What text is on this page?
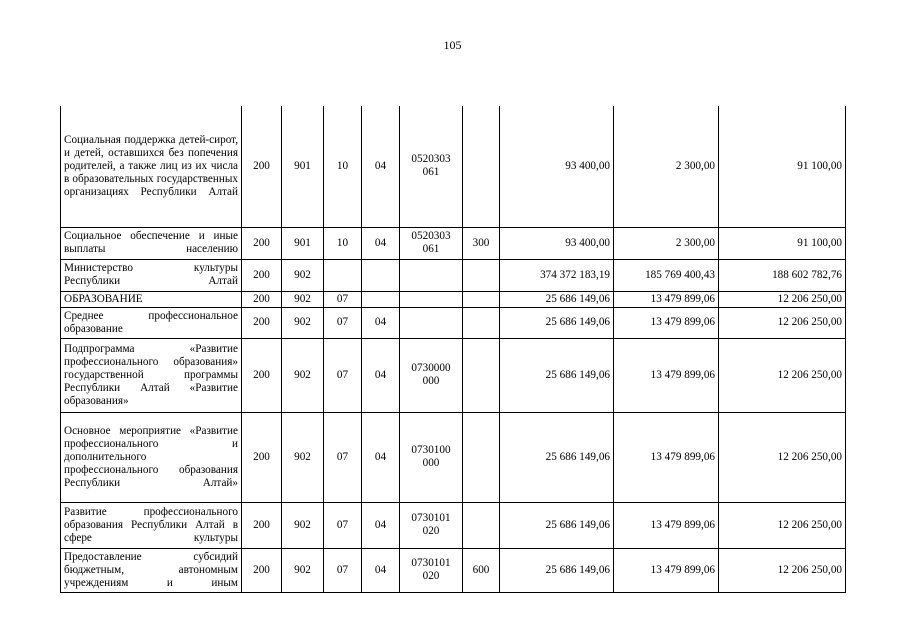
105
Социальная поддержка детей-сирот, и детей, оставшихся без попечения родителей, а также лиц из их числа в образовательных государственных организациях Республики Алтай	200	901	10	04	0520303 061		93 400,00	2 300,00	91 100,00
Социальное обеспечение и иные выплаты населению	200	901	10	04	0520303 061	300	93 400,00	2 300,00	91 100,00
Министерство культуры Республики Алтай	200	902					374 372 183,19	185 769 400,43	188 602 782,76
ОБРАЗОВАНИЕ	200	902	07				25 686 149,06	13 479 899,06	12 206 250,00
Среднее профессиональное образование	200	902	07	04			25 686 149,06	13 479 899,06	12 206 250,00
Подпрограмма «Развитие профессионального образования» государственной программы Республики Алтай «Развитие образования»	200	902	07	04	0730000 000		25 686 149,06	13 479 899,06	12 206 250,00
Основное мероприятие «Развитие профессионального и дополнительного профессионального образования Республики Алтай»	200	902	07	04	0730100 000		25 686 149,06	13 479 899,06	12 206 250,00
Развитие профессионального образования Республики Алтай в сфере культуры	200	902	07	04	0730101 020		25 686 149,06	13 479 899,06	12 206 250,00
Предоставление субсидий бюджетным, автономным учреждениям и иным	200	902	07	04	0730101 020	600	25 686 149,06	13 479 899,06	12 206 250,00
